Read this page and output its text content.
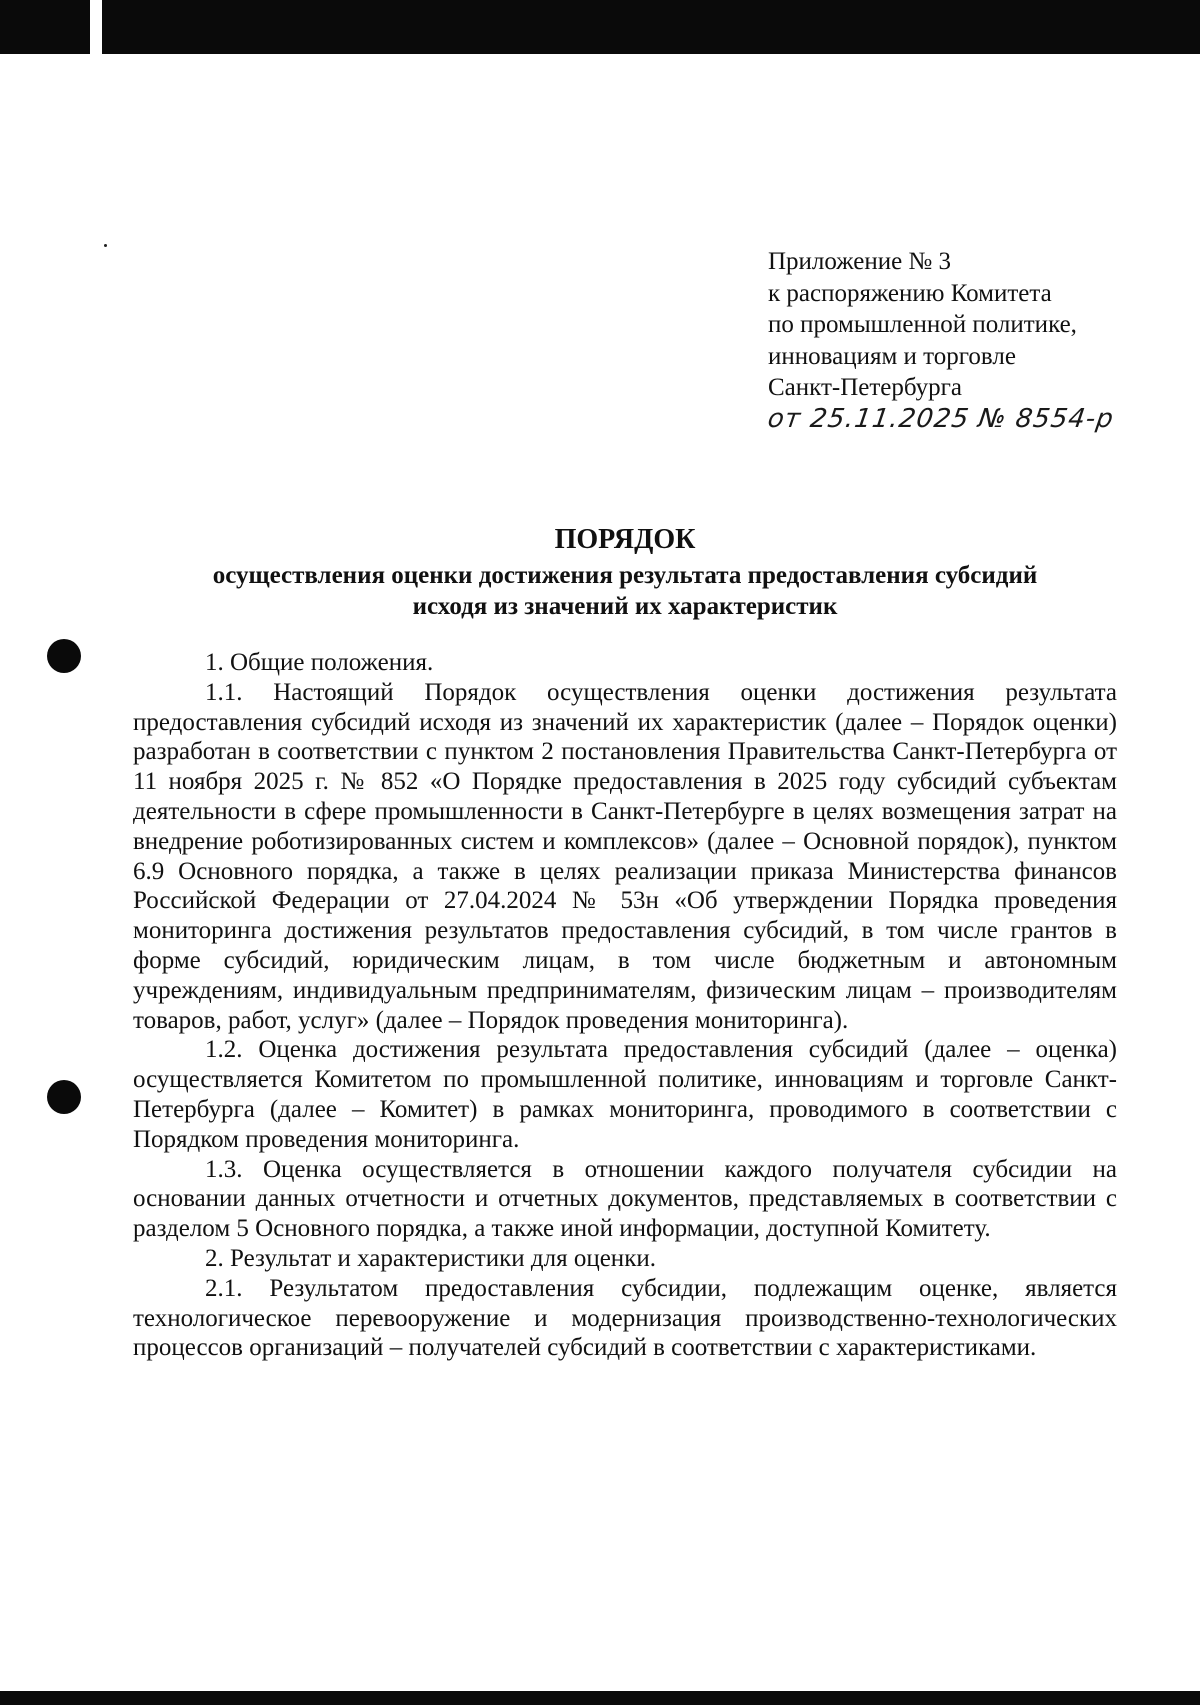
Приложение № 3
к распоряжению Комитета
по промышленной политике,
инновациям и торговле
Санкт-Петербурга
от 25.11.2025 № 8554-р
ПОРЯДОК
осуществления оценки достижения результата предоставления субсидий
исходя из значений их характеристик

1. Общие положения.

1.1. Настоящий Порядок осуществления оценки достижения результата предоставления субсидий исходя из значений их характеристик (далее – Порядок оценки) разработан в соответствии с пунктом 2 постановления Правительства Санкт-Петербурга от 11 ноября 2025 г. № 852 «О Порядке предоставления в 2025 году субсидий субъектам деятельности в сфере промышленности в Санкт-Петербурге в целях возмещения затрат на внедрение роботизированных систем и комплексов» (далее – Основной порядок), пунктом 6.9 Основного порядка, а также в целях реализации приказа Министерства финансов Российской Федерации от 27.04.2024 № 53н «Об утверждении Порядка проведения мониторинга достижения результатов предоставления субсидий, в том числе грантов в форме субсидий, юридическим лицам, в том числе бюджетным и автономным учреждениям, индивидуальным предпринимателям, физическим лицам – производителям товаров, работ, услуг» (далее – Порядок проведения мониторинга).

1.2. Оценка достижения результата предоставления субсидий (далее – оценка) осуществляется Комитетом по промышленной политике, инновациям и торговле Санкт-Петербурга (далее – Комитет) в рамках мониторинга, проводимого в соответствии с Порядком проведения мониторинга.

1.3. Оценка осуществляется в отношении каждого получателя субсидии на основании данных отчетности и отчетных документов, представляемых в соответствии с разделом 5 Основного порядка, а также иной информации, доступной Комитету.

2. Результат и характеристики для оценки.

2.1. Результатом предоставления субсидии, подлежащим оценке, является технологическое перевооружение и модернизация производственно-технологических процессов организаций – получателей субсидий в соответствии с характеристиками.
